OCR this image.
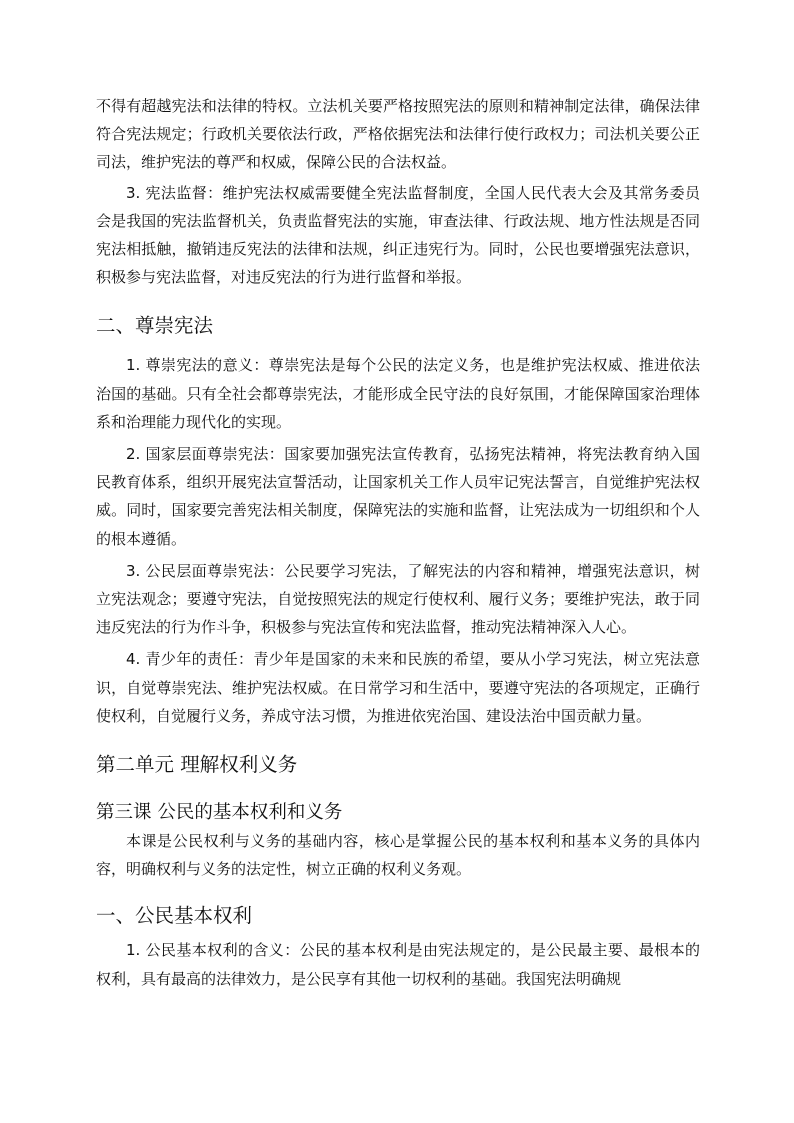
不得有超越宪法和法律的特权。立法机关要严格按照宪法的原则和精神制定法律，确保法律符合宪法规定；行政机关要依法行政，严格依据宪法和法律行使行政权力；司法机关要公正司法，维护宪法的尊严和权威，保障公民的合法权益。

3. 宪法监督：维护宪法权威需要健全宪法监督制度，全国人民代表大会及其常务委员会是我国的宪法监督机关，负责监督宪法的实施，审查法律、行政法规、地方性法规是否同宪法相抵触，撤销违反宪法的法律和法规，纠正违宪行为。同时，公民也要增强宪法意识，积极参与宪法监督，对违反宪法的行为进行监督和举报。

二、尊崇宪法

1. 尊崇宪法的意义：尊崇宪法是每个公民的法定义务，也是维护宪法权威、推进依法治国的基础。只有全社会都尊崇宪法，才能形成全民守法的良好氛围，才能保障国家治理体系和治理能力现代化的实现。

2. 国家层面尊崇宪法：国家要加强宪法宣传教育，弘扬宪法精神，将宪法教育纳入国民教育体系，组织开展宪法宣誓活动，让国家机关工作人员牢记宪法誓言，自觉维护宪法权威。同时，国家要完善宪法相关制度，保障宪法的实施和监督，让宪法成为一切组织和个人的根本遵循。

3. 公民层面尊崇宪法：公民要学习宪法，了解宪法的内容和精神，增强宪法意识，树立宪法观念；要遵守宪法，自觉按照宪法的规定行使权利、履行义务；要维护宪法，敢于同违反宪法的行为作斗争，积极参与宪法宣传和宪法监督，推动宪法精神深入人心。

4. 青少年的责任：青少年是国家的未来和民族的希望，要从小学习宪法，树立宪法意识，自觉尊崇宪法、维护宪法权威。在日常学习和生活中，要遵守宪法的各项规定，正确行使权利，自觉履行义务，养成守法习惯，为推进依宪治国、建设法治中国贡献力量。

第二单元 理解权利义务
第三课 公民的基本权利和义务

本课是公民权利与义务的基础内容，核心是掌握公民的基本权利和基本义务的具体内容，明确权利与义务的法定性，树立正确的权利义务观。

一、公民基本权利

1. 公民基本权利的含义：公民的基本权利是由宪法规定的，是公民最主要、最根本的权利，具有最高的法律效力，是公民享有其他一切权利的基础。我国宪法明确规
